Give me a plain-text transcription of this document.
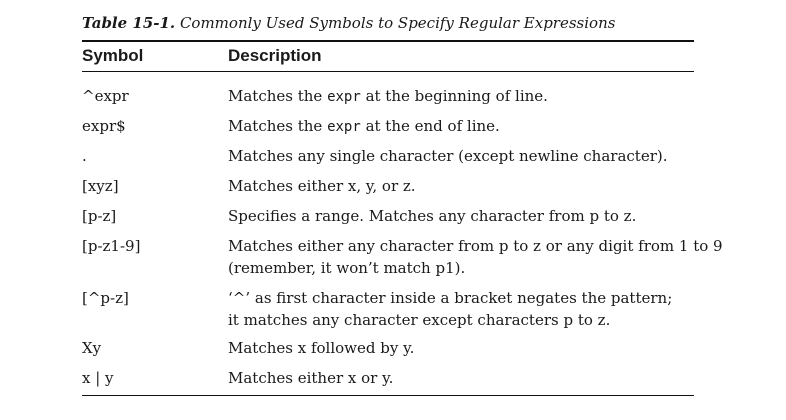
Table 15-1. Commonly Used Symbols to Specify Regular Expressions
Symbol	Description
^expr	Matches the expr at the beginning of line.
expr$	Matches the expr at the end of line.
.	Matches any single character (except newline character).
[xyz]	Matches either x, y, or z.
[p-z]	Specifies a range. Matches any character from p to z.
[p-z1-9]	Matches either any character from p to z or any digit from 1 to 9
(remember, it won’t match p1).
[^p-z]	‘^’ as first character inside a bracket negates the pattern;
it matches any character except characters p to z.
Xy	Matches x followed by y.
x | y	Matches either x or y.
